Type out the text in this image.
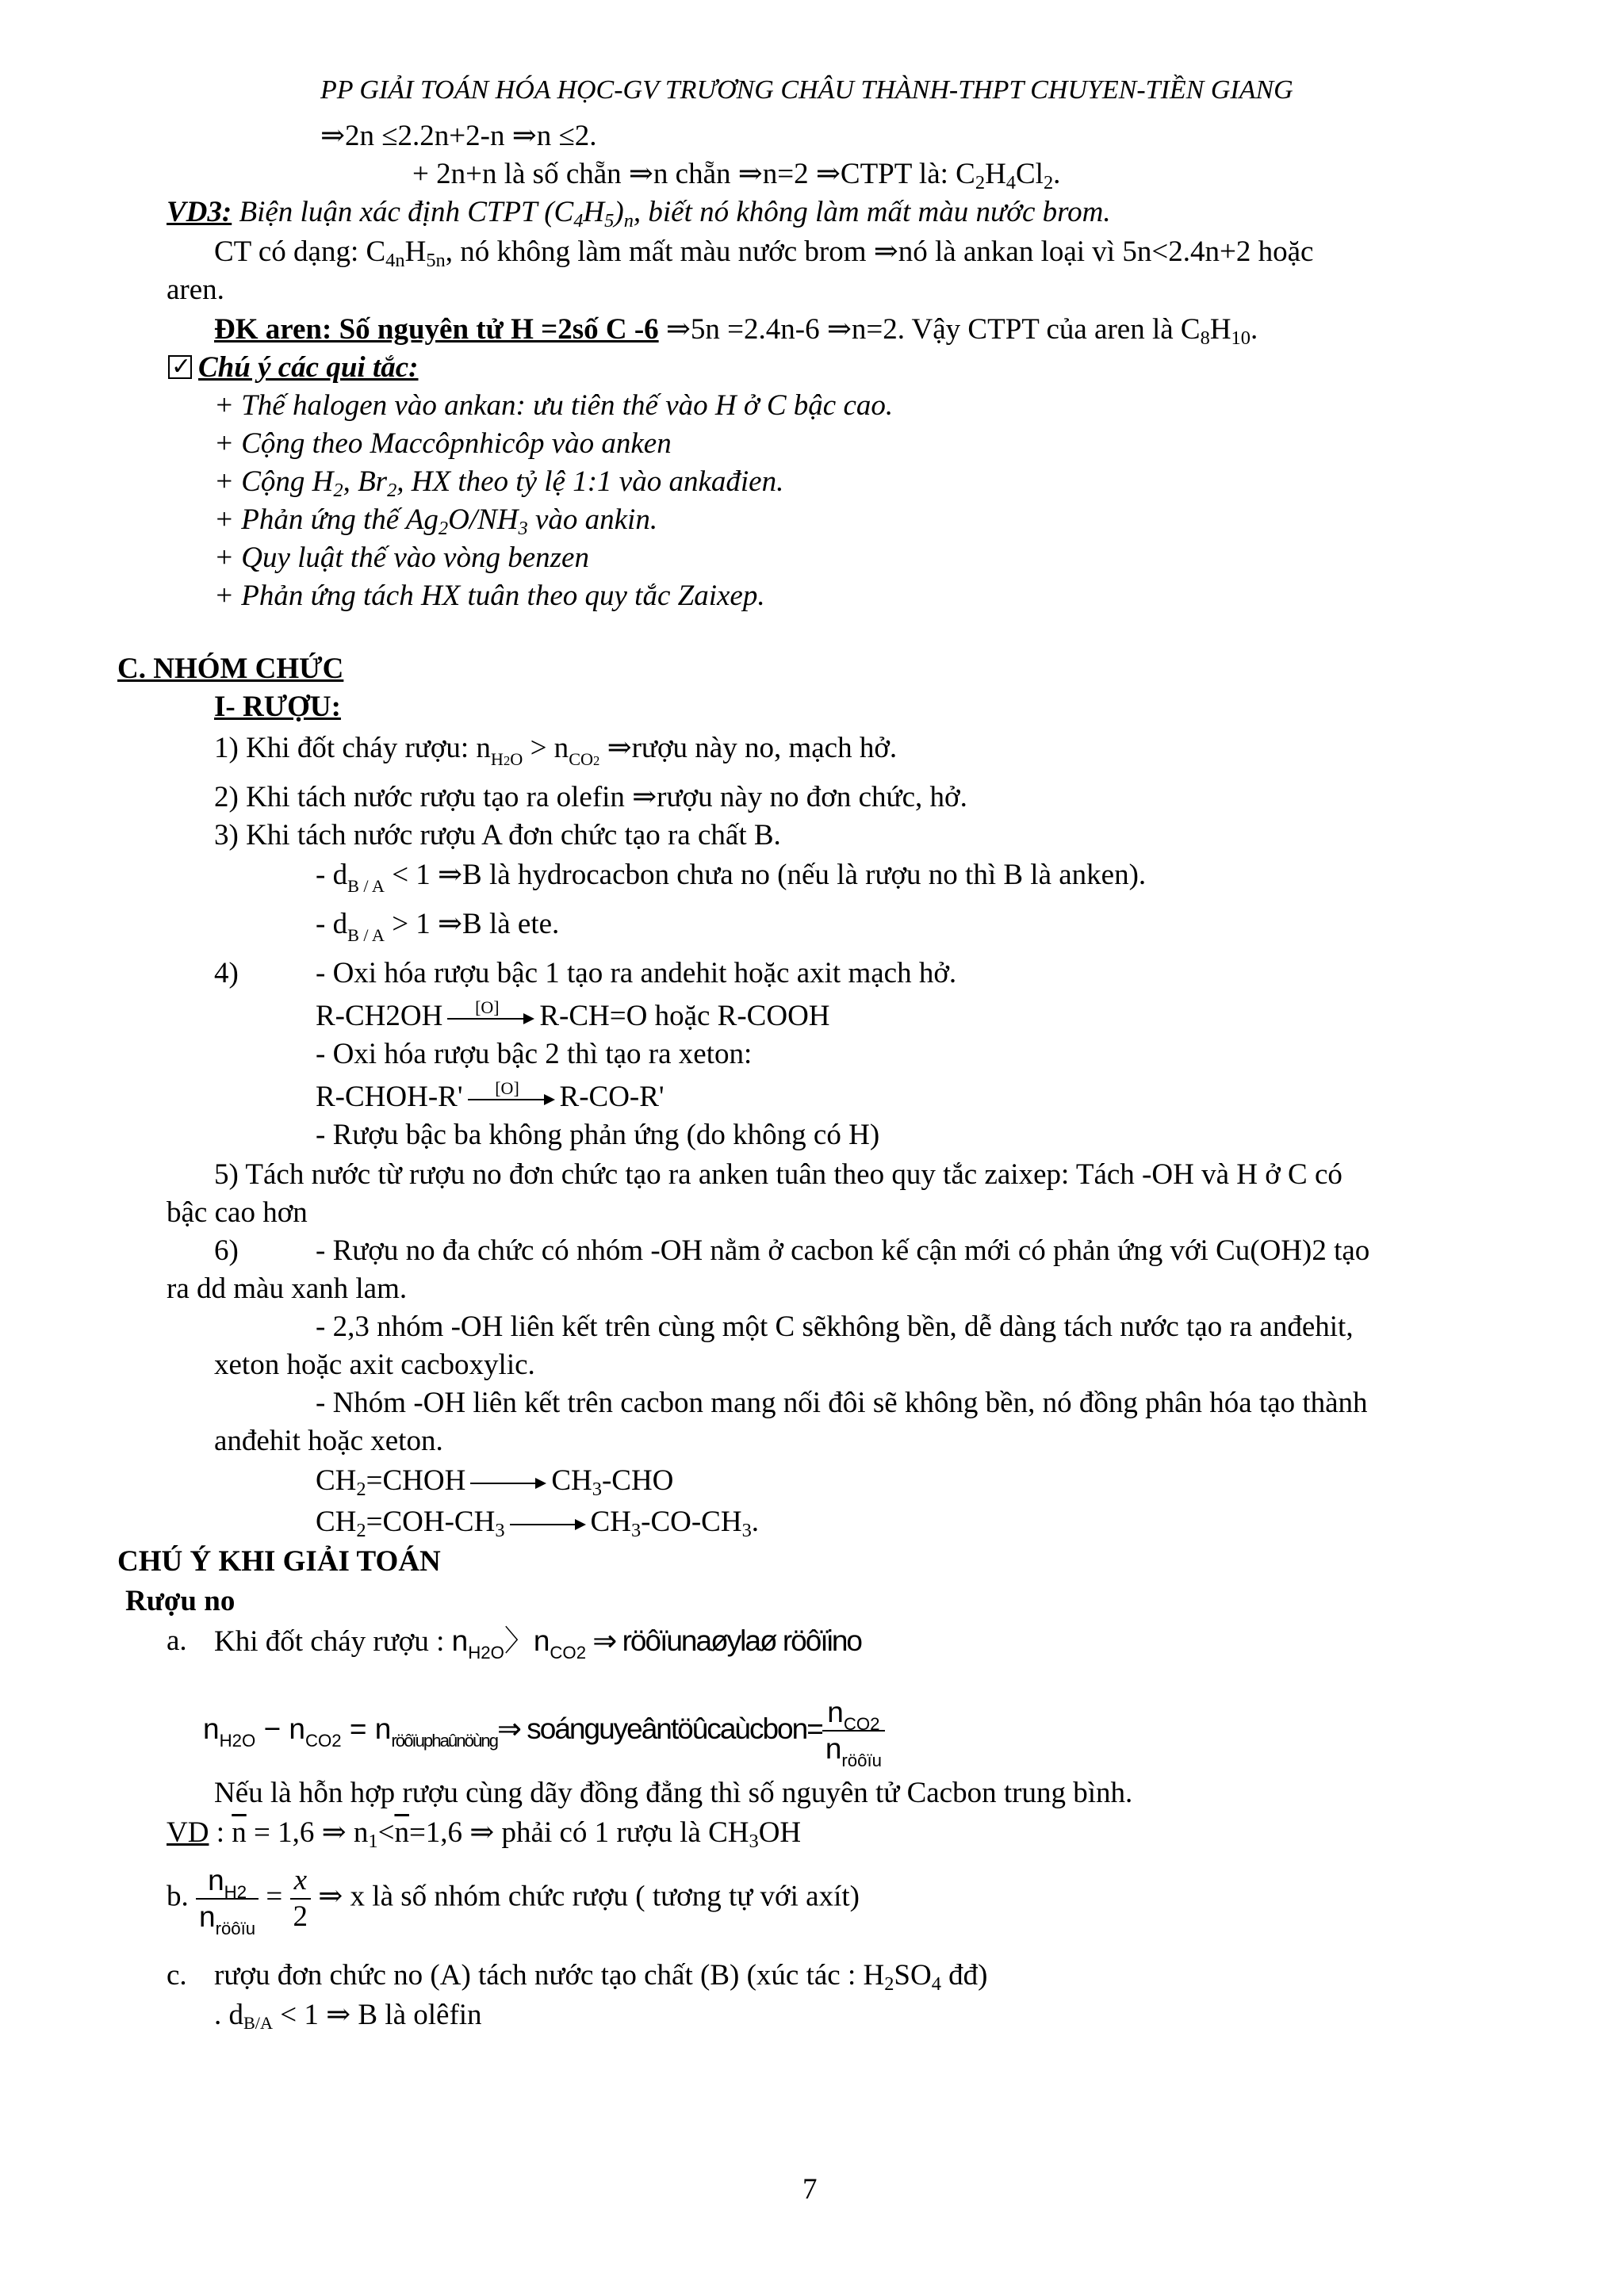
PP GIẢI TOÁN HÓA HỌC-GV TRƯƠNG CHÂU THÀNH-THPT CHUYEN-TIỀN GIANG
⇒2n ≤2.2n+2-n ⇒n ≤2.
+ 2n+n là số chẵn ⇒n chẵn ⇒n=2 ⇒CTPT là: $C_2H_4Cl_2$.
VD3: Biện luận xác định CTPT $(C_4H_5)_n$, biết nó không làm mất màu nước brom.
CT có dạng: $C_{4n}H_{5n}$, nó không làm mất màu nước brom ⇒nó là ankan loại vì 5n<2.4n+2 hoặc
aren.
ĐK aren: Số nguyên tử H =2số C -6 ⇒5n =2.4n-6 ⇒n=2. Vậy CTPT của aren là $C_8H_{10}$.
✓Chú ý các qui tắc:
+ Thế halogen vào ankan: ưu tiên thế vào H ở C bậc cao.
+ Cộng theo Maccôpnhicôp vào anken
+ Cộng $H_2$, $Br_2$, HX theo tỷ lệ 1:1 vào ankađien.
+ Phản ứng thế $Ag_2O/NH_3$ vào ankin.
+ Quy luật thế vào vòng benzen
+ Phản ứng tách HX tuân theo quy tắc Zaixep.
C. NHÓM CHỨC
I- RƯỢU:
1) Khi đốt cháy rượu: $n_{H2O} > n_{CO2}$ ⇒rượu này no, mạch hở.
2) Khi tách nước rượu tạo ra olefin ⇒rượu này no đơn chức, hở.
3) Khi tách nước rượu A đơn chức tạo ra chất B.
- $d_{B / A} < 1$ ⇒B là hydrocacbon chưa no (nếu là rượu no thì B là anken).
- $d_{B / A} > 1$ ⇒B là ete.
4)	- Oxi hóa rượu bậc 1 tạo ra andehit hoặc axit mạch hở.
R-CH2OH	[O]	R-CH=O hoặc R-COOH
- Oxi hóa rượu bậc 2 thì tạo ra xeton:
R-CHOH-R'	[O]	R-CO-R'
- Rượu bậc ba không phản ứng (do không có H)
5) Tách nước từ rượu no đơn chức tạo ra anken tuân theo quy tắc zaixep: Tách -OH và H ở C có
bậc cao hơn
6)	- Rượu no đa chức có nhóm -OH nằm ở cacbon kế cận mới có phản ứng với Cu(OH)2 tạo
ra dd màu xanh lam.
- 2,3 nhóm -OH liên kết trên cùng một C sẽkhông bền, dễ dàng tách nước tạo ra anđehit,
xeton hoặc axit cacboxylic.
- Nhóm -OH liên kết trên cacbon mang nối đôi sẽ không bền, nó đồng phân hóa tạo thành
anđehit hoặc xeton.
$CH_2=CHOH$	$CH_3$-CHO
$CH_2=COH-CH_3$	$CH_3-CO-CH_3$.
CHÚ Ý KHI GIẢI TOÁN
Rượu no
a. Khi đốt cháy rượu : $n_{H2O}$〉$n_{CO2}$ ⇒ röôïunaøylaø röôïino
$n_{H2O} - n_{CO2}$ = $n_{röôïuphaûnöùng}\Rightarrow$ soánguyeântöûcaùcbon= $\frac{n_{CO2}}{n_{röôïu}}$
Nếu là hỗn hợp rượu cùng dãy đồng đẳng thì số nguyên tử Cacbon trung bình.
VD : $\overline{n} = 1,6$ ⇒ $n_1<\overline{n}=1,6$ ⇒ phải có 1 rượu là $CH_3OH$
b. $\frac{n_{H2}}{n_{röôïu}} = \frac{x}{2}$ ⇒ x là số nhóm chức rượu ( tương tự với axít)
c. rượu đơn chức no (A) tách nước tạo chất (B) (xúc tác : $H_2SO_4$ đđ)
. $d_{B/A} < 1$ ⇒ B là olêfin
7
